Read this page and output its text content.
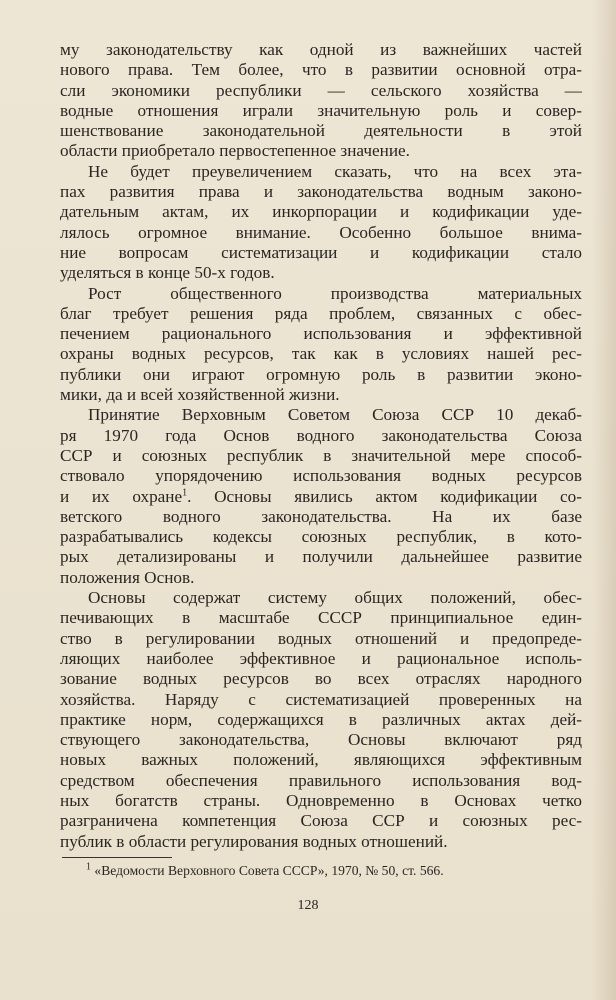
му законодательству как одной из важнейших частей
нового права. Тем более, что в развитии основной отра-
сли экономики республики — сельского хозяйства —
водные отношения играли значительную роль и совер-
шенствование законодательной деятельности в этой
области приобретало первостепенное значение.

Не будет преувеличением сказать, что на всех эта-
пах развития права и законодательства водным законо-
дательным актам, их инкорпорации и кодификации уде-
лялось огромное внимание. Особенно большое внима-
ние вопросам систематизации и кодификации стало
уделяться в конце 50-х годов.

Рост общественного производства материальных
благ требует решения ряда проблем, связанных с обес-
печением рационального использования и эффективной
охраны водных ресурсов, так как в условиях нашей рес-
публики они играют огромную роль в развитии эконо-
мики, да и всей хозяйственной жизни.

Принятие Верховным Советом Союза ССР 10 декаб-
ря 1970 года Основ водного законодательства Союза
ССР и союзных республик в значительной мере способ-
ствовало упорядочению использования водных ресурсов
и их охране$^1$. Основы явились актом кодификации со-
ветского водного законодательства. На их базе
разрабатывались кодексы союзных республик, в кото-
рых детализированы и получили дальнейшее развитие
положения Основ.

Основы содержат систему общих положений, обес-
печивающих в масштабе СССР принципиальное един-
ство в регулировании водных отношений и предопреде-
ляющих наиболее эффективное и рациональное исполь-
зование водных ресурсов во всех отраслях народного
хозяйства. Наряду с систематизацией проверенных на
практике норм, содержащихся в различных актах дей-
ствующего законодательства, Основы включают ряд
новых важных положений, являющихся эффективным
средством обеспечения правильного использования вод-
ных богатств страны. Одновременно в Основах четко
разграничена компетенция Союза ССР и союзных рес-
публик в области регулирования водных отношений.

$^1$ «Ведомости Верховного Совета СССР», 1970, № 50, ст. 566.
128
